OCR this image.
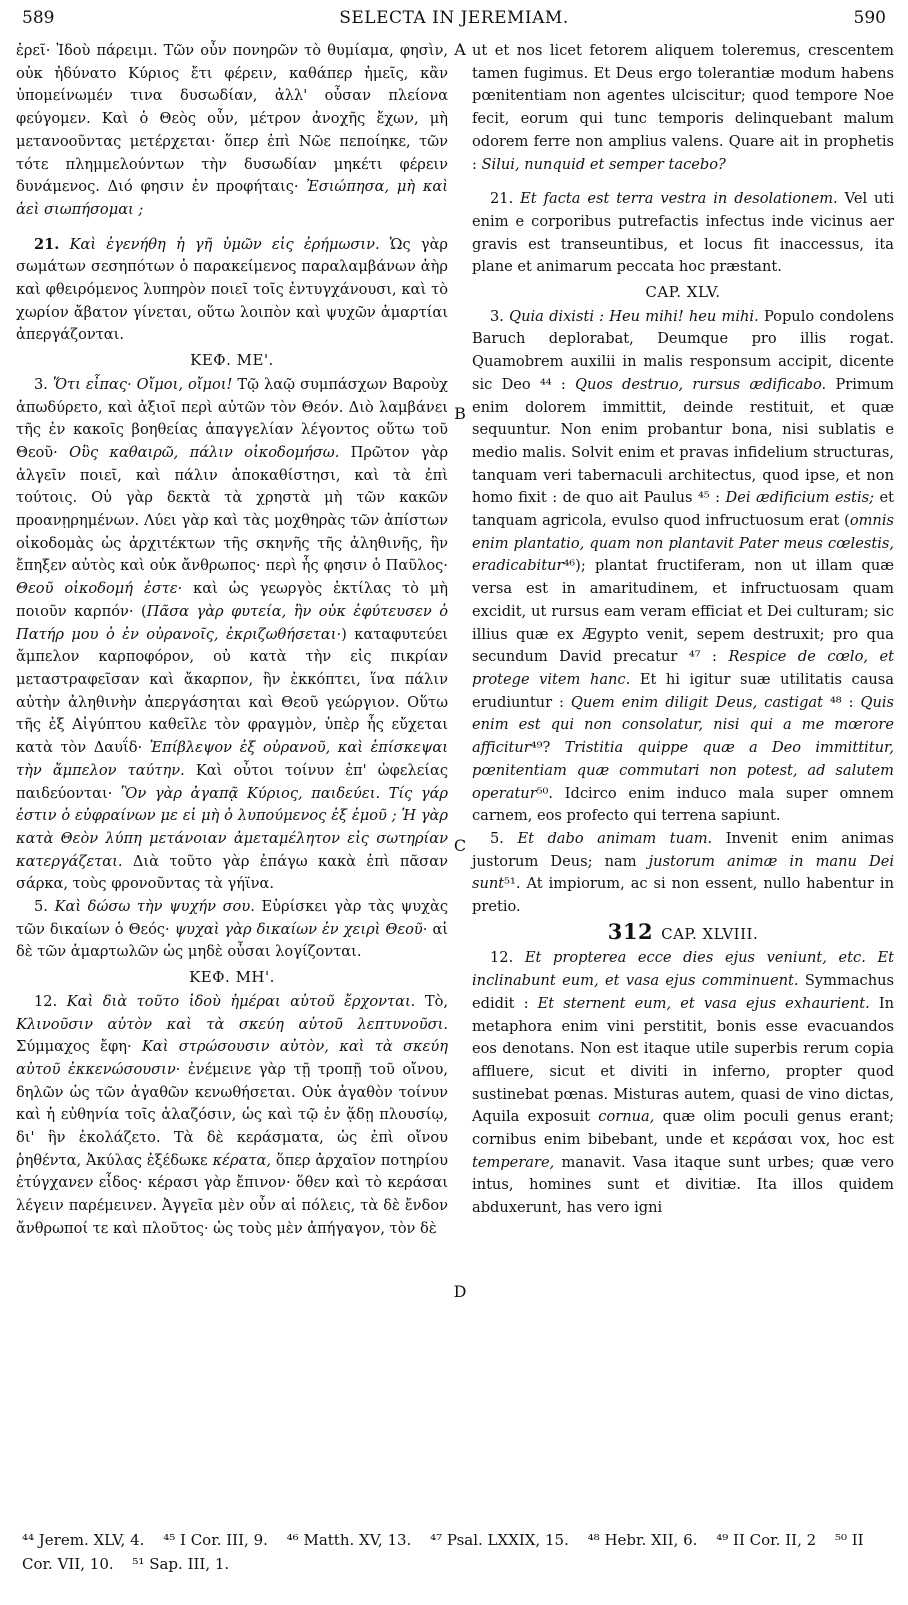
589	SELECTA IN JEREMIAM.	590
A
B
C
D

ἐρεῖ· Ἰδοὺ πάρειμι. Τῶν οὖν πονηρῶν τὸ θυμίαμα, φησὶν, οὐκ ἠδύνατο Κύριος ἔτι φέρειν, καθάπερ ἡμεῖς, κἂν ὑπομείνωμέν τινα δυσωδίαν, ἀλλ' οὖσαν πλείονα φεύγομεν. Καὶ ὁ Θεὸς οὖν, μέτρον ἀνοχῆς ἔχων, μὴ μετανοοῦντας μετέρχεται· ὅπερ ἐπὶ Νῶε πεποίηκε, τῶν τότε πλημμελούντων τὴν δυσωδίαν μηκέτι φέρειν δυνάμενος. Διό φησιν ἐν προφήταις· Ἐσιώπησα, μὴ καὶ ἀεὶ σιωπήσομαι ;

21. Καὶ ἐγενήθη ἡ γῆ ὑμῶν εἰς ἐρήμωσιν. Ὡς γὰρ σωμάτων σεσηπότων ὁ παρακείμενος παραλαμβάνων ἀὴρ καὶ φθειρόμενος λυπηρὸν ποιεῖ τοῖς ἐντυγχάνουσι, καὶ τὸ χωρίον ἄβατον γίνεται, οὕτω λοιπὸν καὶ ψυχῶν ἁμαρτίαι ἀπεργάζονται.

ΚΕΦ. ΜΕ'.

3. Ὅτι εἶπας· Οἴμοι, οἴμοι! Τῷ λαῷ συμπάσχων Βαροὺχ ἀπωδύρετο, καὶ ἀξιοῖ περὶ αὐτῶν τὸν Θεόν. Διὸ λαμβάνει τῆς ἐν κακοῖς βοηθείας ἀπαγγελίαν λέγοντος οὕτω τοῦ Θεοῦ· Οὓς καθαιρῶ, πάλιν οἰκοδομήσω. Πρῶτον γὰρ ἀλγεῖν ποιεῖ, καὶ πάλιν ἀποκαθίστησι, καὶ τὰ ἐπὶ τούτοις. Οὐ γὰρ δεκτὰ τὰ χρηστὰ μὴ τῶν κακῶν προανῃρημένων. Λύει γὰρ καὶ τὰς μοχθηρὰς τῶν ἀπίστων οἰκοδομὰς ὡς ἀρχιτέκτων τῆς σκηνῆς τῆς ἀληθινῆς, ἣν ἔπηξεν αὐτὸς καὶ οὐκ ἄνθρωπος· περὶ ἧς φησιν ὁ Παῦλος· Θεοῦ οἰκοδομή ἐστε· καὶ ὡς γεωργὸς ἐκτίλας τὸ μὴ ποιοῦν καρπόν· (Πᾶσα γὰρ φυτεία, ἣν οὐκ ἐφύτευσεν ὁ Πατήρ μου ὁ ἐν οὐρανοῖς, ἐκριζωθήσεται·) καταφυτεύει ἄμπελον καρποφόρον, οὐ κατὰ τὴν εἰς πικρίαν μεταστραφεῖσαν καὶ ἄκαρπον, ἣν ἐκκόπτει, ἵνα πάλιν αὐτὴν ἀληθινὴν ἀπεργάσηται καὶ Θεοῦ γεώργιον. Οὕτω τῆς ἐξ Αἰγύπτου καθεῖλε τὸν φραγμὸν, ὑπὲρ ἧς εὔχεται κατὰ τὸν Δαυΐδ· Ἐπίβλεψον ἐξ οὐρανοῦ, καὶ ἐπίσκεψαι τὴν ἄμπελον ταύτην. Καὶ οὗτοι τοίνυν ἐπ' ὠφελείας παιδεύονται· Ὃν γὰρ ἀγαπᾷ Κύριος, παιδεύει. Τίς γάρ ἐστιν ὁ εὐφραίνων με εἰ μὴ ὁ λυπούμενος ἐξ ἐμοῦ ; Ἡ γὰρ κατὰ Θεὸν λύπη μετάνοιαν ἀμεταμέλητον εἰς σωτηρίαν κατεργάζεται. Διὰ τοῦτο γὰρ ἐπάγω κακὰ ἐπὶ πᾶσαν σάρκα, τοὺς φρονοῦντας τὰ γήϊνα.

5. Καὶ δώσω τὴν ψυχήν σου. Εὑρίσκει γὰρ τὰς ψυχὰς τῶν δικαίων ὁ Θεός· ψυχαὶ γὰρ δικαίων ἐν χειρὶ Θεοῦ· αἱ δὲ τῶν ἁμαρτωλῶν ὡς μηδὲ οὖσαι λογίζονται.

ΚΕΦ. ΜΗ'.

12. Καὶ διὰ τοῦτο ἰδοὺ ἡμέραι αὐτοῦ ἔρχονται. Τὸ, Κλινοῦσιν αὐτὸν καὶ τὰ σκεύη αὐτοῦ λεπτυνοῦσι. Σύμμαχος ἔφη· Καὶ στρώσουσιν αὐτὸν, καὶ τὰ σκεύη αὐτοῦ ἐκκενώσουσιν· ἐνέμεινε γὰρ τῇ τροπῇ τοῦ οἴνου, δηλῶν ὡς τῶν ἀγαθῶν κενωθήσεται. Οὐκ ἀγαθὸν τοίνυν καὶ ἡ εὐθηνία τοῖς ἀλαζόσιν, ὡς καὶ τῷ ἐν ᾅδῃ πλουσίῳ, δι' ἣν ἐκολάζετο. Τὰ δὲ κεράσματα, ὡς ἐπὶ οἴνου ῥηθέντα, Ἀκύλας ἐξέδωκε κέρατα, ὅπερ ἀρχαῖον ποτηρίου ἐτύγχανεν εἶδος· κέρασι γὰρ ἔπινον· ὅθεν καὶ τὸ κεράσαι λέγειν παρέμεινεν. Ἀγγεῖα μὲν οὖν αἱ πόλεις, τὰ δὲ ἔνδον ἄνθρωποί τε καὶ πλοῦτος· ὡς τοὺς μὲν ἀπήγαγον, τὸν δὲ

ut et nos licet fetorem aliquem toleremus, crescentem tamen fugimus. Et Deus ergo tolerantiæ modum habens pœnitentiam non agentes ulciscitur; quod tempore Noe fecit, eorum qui tunc temporis delinquebant malum odorem ferre non amplius valens. Quare ait in prophetis : Silui, nunquid et semper tacebo?

21. Et facta est terra vestra in desolationem. Vel uti enim e corporibus putrefactis infectus inde vicinus aer gravis est transeuntibus, et locus fit inaccessus, ita plane et animarum peccata hoc præstant.

CAP. XLV.

3. Quia dixisti : Heu mihi! heu mihi. Populo condolens Baruch deplorabat, Deumque pro illis rogat. Quamobrem auxilii in malis responsum accipit, dicente sic Deo ⁴⁴ : Quos destruo, rursus ædificabo. Primum enim dolorem immittit, deinde restituit, et quæ sequuntur. Non enim probantur bona, nisi sublatis e medio malis. Solvit enim et pravas infidelium structuras, tanquam veri tabernaculi architectus, quod ipse, et non homo fixit : de quo ait Paulus ⁴⁵ : Dei ædificium estis; et tanquam agricola, evulso quod infructuosum erat (omnis enim plantatio, quam non plantavit Pater meus cœlestis, eradicabitur⁴⁶); plantat fructiferam, non ut illam quæ versa est in amaritudinem, et infructuosam quam excidit, ut rursus eam veram efficiat et Dei culturam; sic illius quæ ex Ægypto venit, sepem destruxit; pro qua secundum David precatur ⁴⁷ : Respice de cœlo, et protege vitem hanc. Et hi igitur suæ utilitatis causa erudiuntur : Quem enim diligit Deus, castigat ⁴⁸ : Quis enim est qui non consolatur, nisi qui a me mœrore afficitur⁴⁹? Tristitia quippe quæ a Deo immittitur, pœnitentiam quæ commutari non potest, ad salutem operatur⁵⁰. Idcirco enim induco mala super omnem carnem, eos profecto qui terrena sapiunt.

5. Et dabo animam tuam. Invenit enim animas justorum Deus; nam justorum animæ in manu Dei sunt⁵¹. At impiorum, ac si non essent, nullo habentur in pretio.

312 CAP. XLVIII.

12. Et propterea ecce dies ejus veniunt, etc. Et inclinabunt eum, et vasa ejus comminuent. Symmachus edidit : Et sternent eum, et vasa ejus exhaurient. In metaphora enim vini perstitit, bonis esse evacuandos eos denotans. Non est itaque utile superbis rerum copia affluere, sicut et diviti in inferno, propter quod sustinebat pœnas. Misturas autem, quasi de vino dictas, Aquila exposuit cornua, quæ olim poculi genus erant; cornibus enim bibebant, unde et κεράσαι vox, hoc est temperare, manavit. Vasa itaque sunt urbes; quæ vero intus, homines sunt et divitiæ. Ita illos quidem abduxerunt, has vero igni

⁴⁴ Jerem. XLV, 4. ⁴⁵ I Cor. III, 9. ⁴⁶ Matth. XV, 13. ⁴⁷ Psal. LXXIX, 15. ⁴⁸ Hebr. XII, 6. ⁴⁹ II Cor. II, 2 ⁵⁰ II Cor. VII, 10. ⁵¹ Sap. III, 1.
